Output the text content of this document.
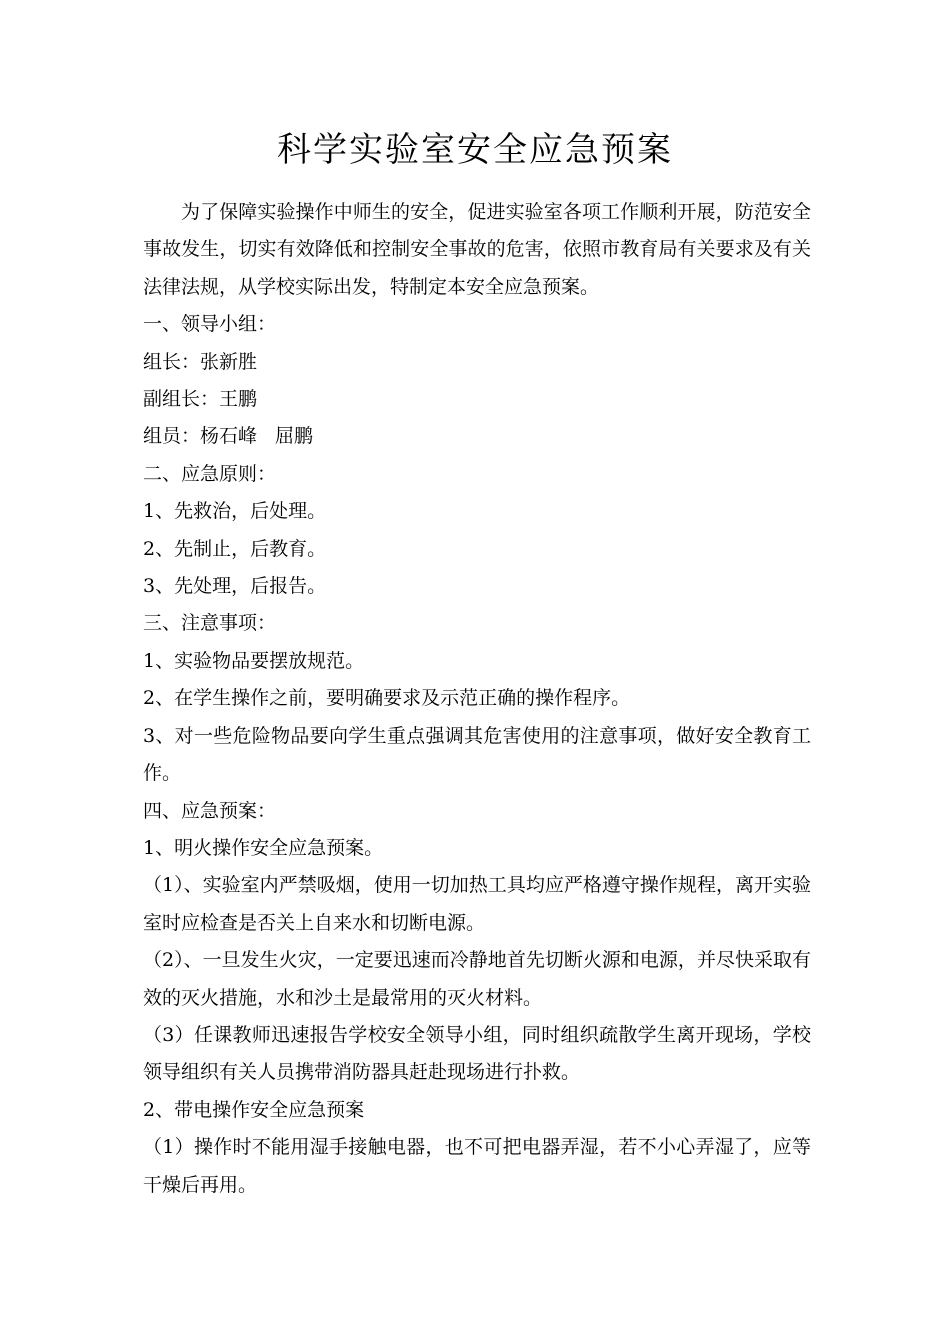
科学实验室安全应急预案

为了保障实验操作中师生的安全，促进实验室各项工作顺利开展，防范安全事故发生，切实有效降低和控制安全事故的危害，依照市教育局有关要求及有关法律法规，从学校实际出发，特制定本安全应急预案。

一、领导小组：

组长：张新胜

副组长：王鹏

组员：杨石峰 屈鹏

二、应急原则：

1、先救治，后处理。

2、先制止，后教育。

3、先处理，后报告。

三、注意事项：

1、实验物品要摆放规范。

2、在学生操作之前，要明确要求及示范正确的操作程序。

3、对一些危险物品要向学生重点强调其危害使用的注意事项，做好安全教育工作。

四、应急预案：

1、明火操作安全应急预案。

（1）、实验室内严禁吸烟，使用一切加热工具均应严格遵守操作规程，离开实验室时应检查是否关上自来水和切断电源。

（2）、一旦发生火灾，一定要迅速而冷静地首先切断火源和电源，并尽快采取有效的灭火措施，水和沙土是最常用的灭火材料。

（3）任课教师迅速报告学校安全领导小组，同时组织疏散学生离开现场，学校领导组织有关人员携带消防器具赶赴现场进行扑救。

2、带电操作安全应急预案

（1）操作时不能用湿手接触电器，也不可把电器弄湿，若不小心弄湿了，应等干燥后再用。
